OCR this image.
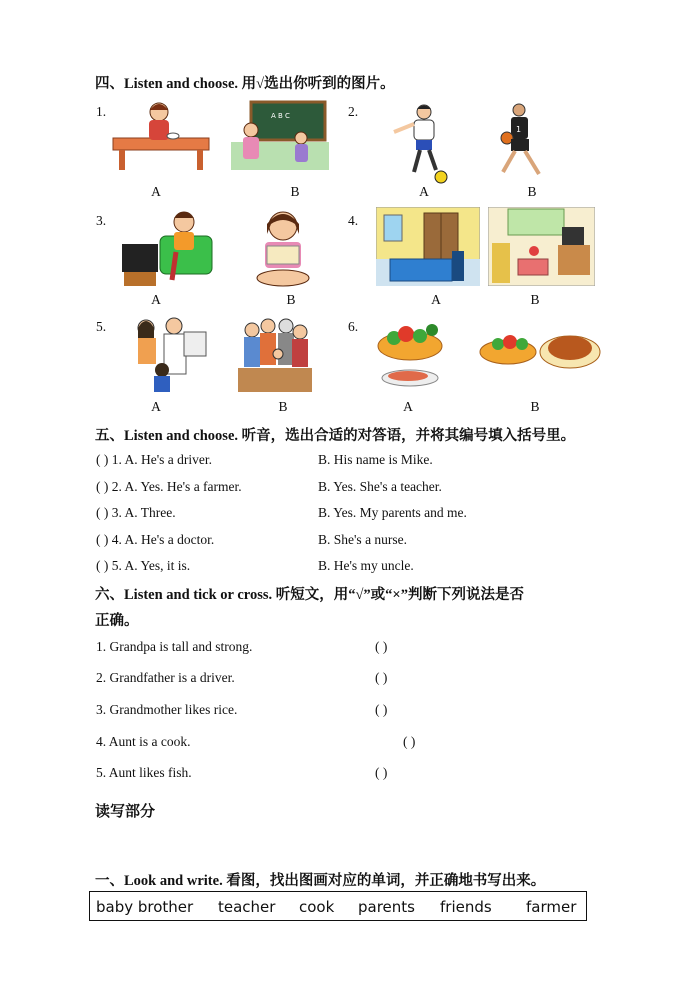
四、Listen and choose. 用√选出你听到的图片。
1.	A B C
A	B
2.
1
A	B
3.
A	B
4.
A	B
5.
A	B
6.
A	B
五、Listen and choose. 听音，选出合适的对答语，并将其编号填入括号里。
( ) 1. A. He's a driver.	B. His name is Mike.
( ) 2. A. Yes. He's a farmer.	B. Yes. She's a teacher.
( ) 3. A. Three.	B. Yes. My parents and me.
( ) 4. A. He's a doctor.	B. She's a nurse.
( ) 5. A. Yes, it is.	B. He's my uncle.
六、Listen and tick or cross. 听短文，用“√”或“×”判断下列说法是否
正确。
1. Grandpa is tall and strong.	( )
2. Grandfather is a driver.	( )
3. Grandmother likes rice.	( )
4. Aunt is a cook.	( )
5. Aunt likes fish.	( )
读写部分
一、Look and write. 看图，找出图画对应的单词，并正确地书写出来。
baby brother teacher cook parents friends farmer
